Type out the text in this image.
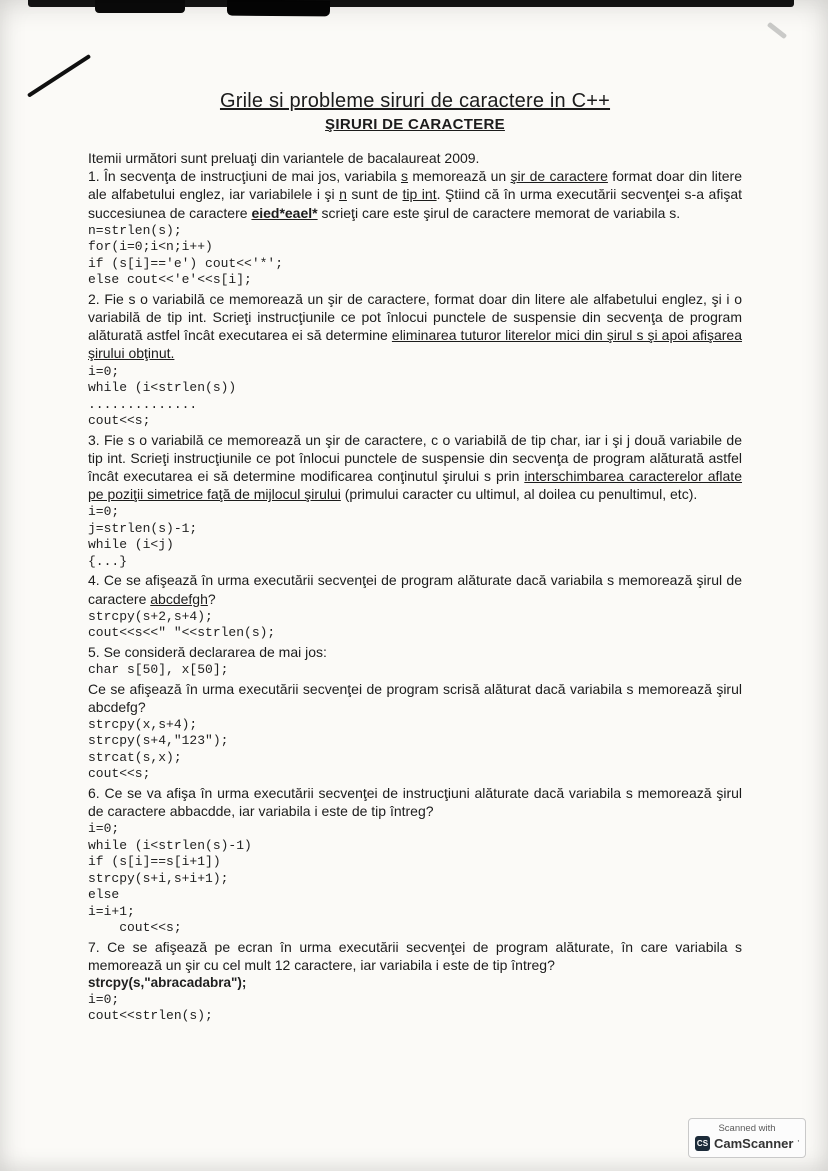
Grile si probleme siruri de caractere in C++
ŞIRURI DE CARACTERE

Itemii următori sunt preluaţi din variantele de bacalaureat 2009.

1. În secvenţa de instrucţiuni de mai jos, variabila s memorează un şir de caractere format doar din litere ale alfabetului englez, iar variabilele i şi n sunt de tip int. Ştiind că în urma executării secvenţei s-a afişat succesiunea de caractere eied*eael* scrieţi care este şirul de caractere memorat de variabila s.

n=strlen(s);
for(i=0;i<n;i++)
if (s[i]=='e') cout<<'*';
else cout<<'e'<<s[i];

2. Fie s o variabilă ce memorează un şir de caractere, format doar din litere ale alfabetului englez, şi i o variabilă de tip int. Scrieţi instrucţiunile ce pot înlocui punctele de suspensie din secvenţa de program alăturată astfel încât executarea ei să determine eliminarea tuturor literelor mici din şirul s şi apoi afişarea şirului obţinut.

i=0;
while (i<strlen(s))
..............
cout<<s;

3. Fie s o variabilă ce memorează un şir de caractere, c o variabilă de tip char, iar i şi j două variabile de tip int. Scrieţi instrucţiunile ce pot înlocui punctele de suspensie din secvenţa de program alăturată astfel încât executarea ei să determine modificarea conţinutul şirului s prin interschimbarea caracterelor aflate pe poziţii simetrice faţă de mijlocul şirului (primului caracter cu ultimul, al doilea cu penultimul, etc).

i=0;
j=strlen(s)-1;
while (i<j)
{...}

4. Ce se afişează în urma executării secvenţei de program alăturate dacă variabila s memorează şirul de caractere abcdefgh?

strcpy(s+2,s+4);
cout<<s<<" "<<strlen(s);

5. Se consideră declararea de mai jos:

char s[50], x[50];

Ce se afişează în urma executării secvenţei de program scrisă alăturat dacă variabila s memorează şirul abcdefg?

strcpy(x,s+4);
strcpy(s+4,"123");
strcat(s,x);
cout<<s;

6. Ce se va afişa în urma executării secvenţei de instrucţiuni alăturate dacă variabila s memorează şirul de caractere abbacdde, iar variabila i este de tip întreg?

i=0;
while (i<strlen(s)-1)
if (s[i]==s[i+1])
strcpy(s+i,s+i+1);
else
i=i+1;
cout<<s;

7. Ce se afişează pe ecran în urma executării secvenţei de program alăturate, în care variabila s memorează un şir cu cel mult 12 caractere, iar variabila i este de tip întreg?

strcpy(s,"abracadabra");
i=0;
cout<<strlen(s);
Scanned with
CS CamScanner '
